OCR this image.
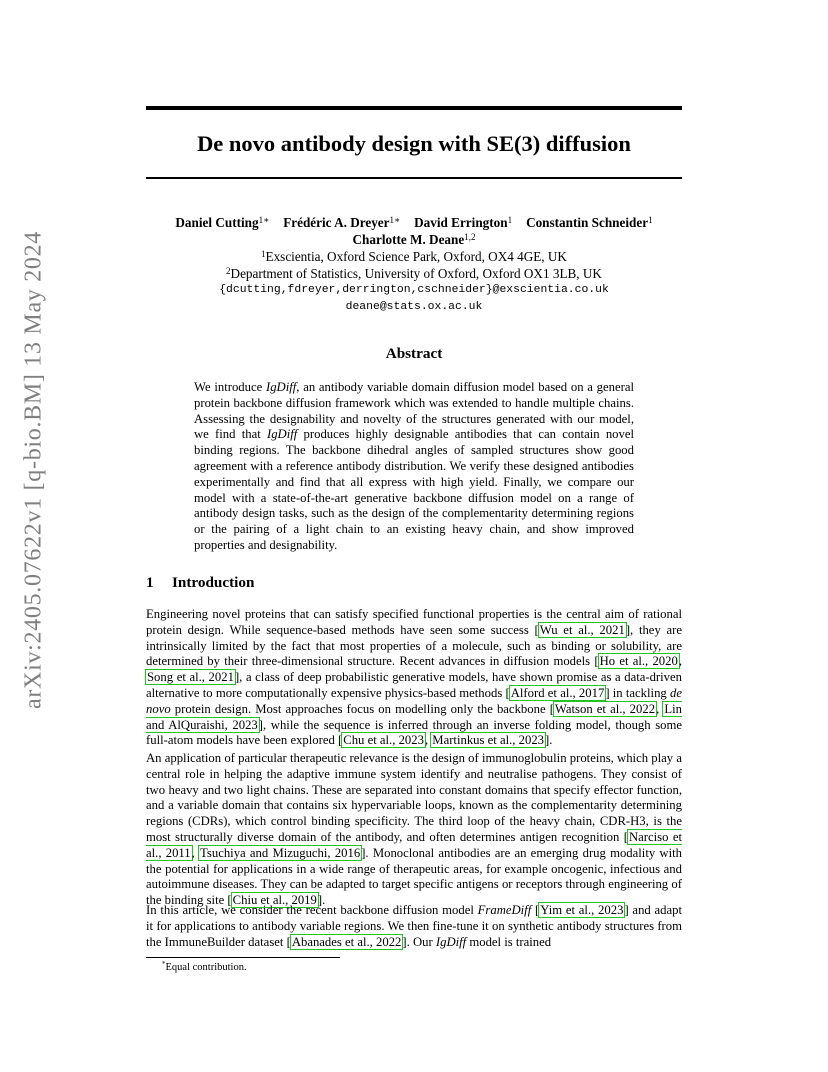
arXiv:2405.07622v1 [q-bio.BM] 13 May 2024
De novo antibody design with SE(3) diffusion
Daniel Cutting$^{1∗}$ Frédéric A. Dreyer$^{1∗}$ David Errington$^1$ Constantin Schneider$^1$
Charlotte M. Deane$^{1,2}$
$^1$Exscientia, Oxford Science Park, Oxford, OX4 4GE, UK
$^2$Department of Statistics, University of Oxford, Oxford OX1 3LB, UK
{dcutting,fdreyer,derrington,cschneider}@exscientia.co.uk
deane@stats.ox.ac.uk
Abstract
We introduce IgDiff, an antibody variable domain diffusion model based on a general protein backbone diffusion framework which was extended to handle multiple chains. Assessing the designability and novelty of the structures generated with our model, we find that IgDiff produces highly designable antibodies that can contain novel binding regions. The backbone dihedral angles of sampled structures show good agreement with a reference antibody distribution. We verify these designed antibodies experimentally and find that all express with high yield. Finally, we compare our model with a state-of-the-art generative backbone diffusion model on a range of antibody design tasks, such as the design of the complementarity determining regions or the pairing of a light chain to an existing heavy chain, and show improved properties and designability.
1 Introduction
Engineering novel proteins that can satisfy specified functional properties is the central aim of rational protein design. While sequence-based methods have seen some success [Wu et al., 2021], they are intrinsically limited by the fact that most properties of a molecule, such as binding or solubility, are determined by their three-dimensional structure. Recent advances in diffusion models [Ho et al., 2020, Song et al., 2021], a class of deep probabilistic generative models, have shown promise as a data-driven alternative to more computationally expensive physics-based methods [Alford et al., 2017] in tackling de novo protein design. Most approaches focus on modelling only the backbone [Watson et al., 2022, Lin and AlQuraishi, 2023], while the sequence is inferred through an inverse folding model, though some full-atom models have been explored [Chu et al., 2023, Martinkus et al., 2023].
An application of particular therapeutic relevance is the design of immunoglobulin proteins, which play a central role in helping the adaptive immune system identify and neutralise pathogens. They consist of two heavy and two light chains. These are separated into constant domains that specify effector function, and a variable domain that contains six hypervariable loops, known as the complementarity determining regions (CDRs), which control binding specificity. The third loop of the heavy chain, CDR-H3, is the most structurally diverse domain of the antibody, and often determines antigen recognition [Narciso et al., 2011, Tsuchiya and Mizuguchi, 2016]. Monoclonal antibodies are an emerging drug modality with the potential for applications in a wide range of therapeutic areas, for example oncogenic, infectious and autoimmune diseases. They can be adapted to target specific antigens or receptors through engineering of the binding site [Chiu et al., 2019].
In this article, we consider the recent backbone diffusion model FrameDiff [Yim et al., 2023] and adapt it for applications to antibody variable regions. We then fine-tune it on synthetic antibody structures from the ImmuneBuilder dataset [Abanades et al., 2022]. Our IgDiff model is trained
*Equal contribution.
